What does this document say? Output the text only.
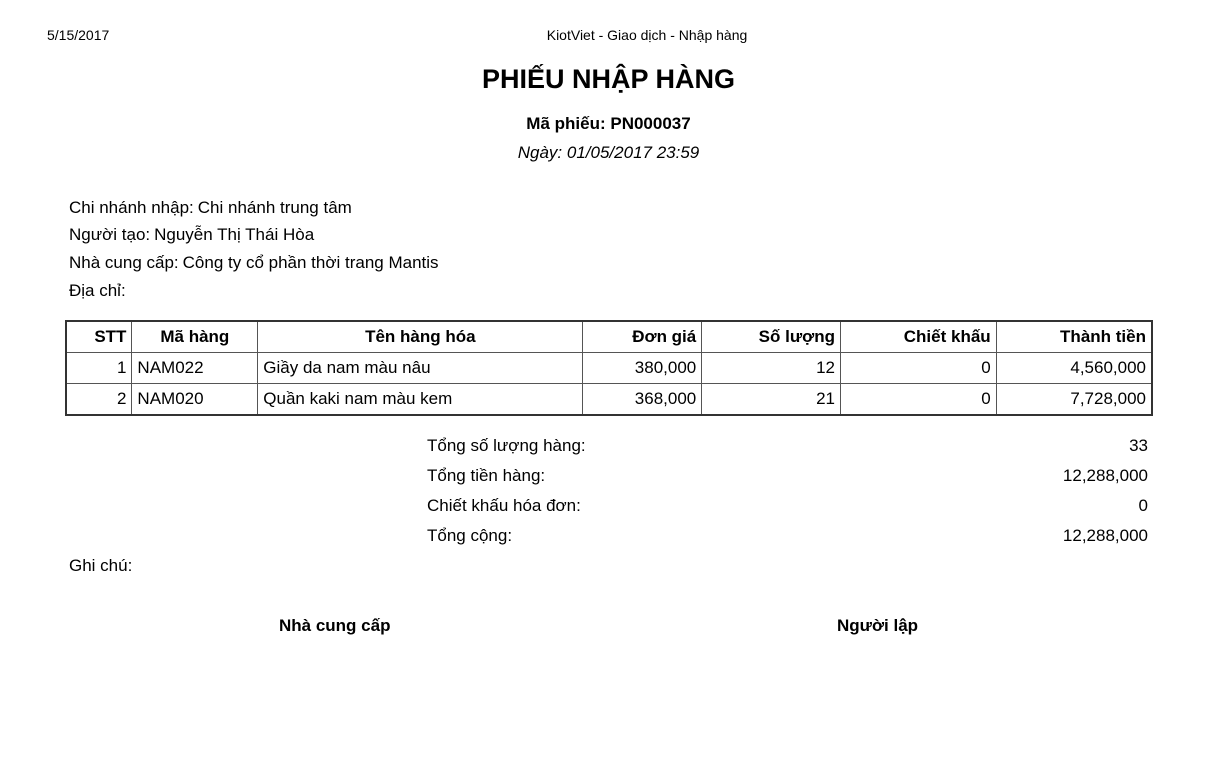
5/15/2017	KiotViet - Giao dịch - Nhập hàng
PHIẾU NHẬP HÀNG
Mã phiếu: PN000037
Ngày: 01/05/2017 23:59
Chi nhánh nhập: Chi nhánh trung tâm
Người tạo: Nguyễn Thị Thái Hòa
Nhà cung cấp: Công ty cổ phần thời trang Mantis
Địa chỉ:
STT	Mã hàng	Tên hàng hóa	Đơn giá	Số lượng	Chiết khấu	Thành tiền
1	NAM022	Giầy da nam màu nâu	380,000	12	0	4,560,000
2	NAM020	Quần kaki nam màu kem	368,000	21	0	7,728,000
Tổng số lượng hàng:	33
Tổng tiền hàng:	12,288,000
Chiết khấu hóa đơn:	0
Tổng cộng:	12,288,000
Ghi chú:
Nhà cung cấp	Người lập
